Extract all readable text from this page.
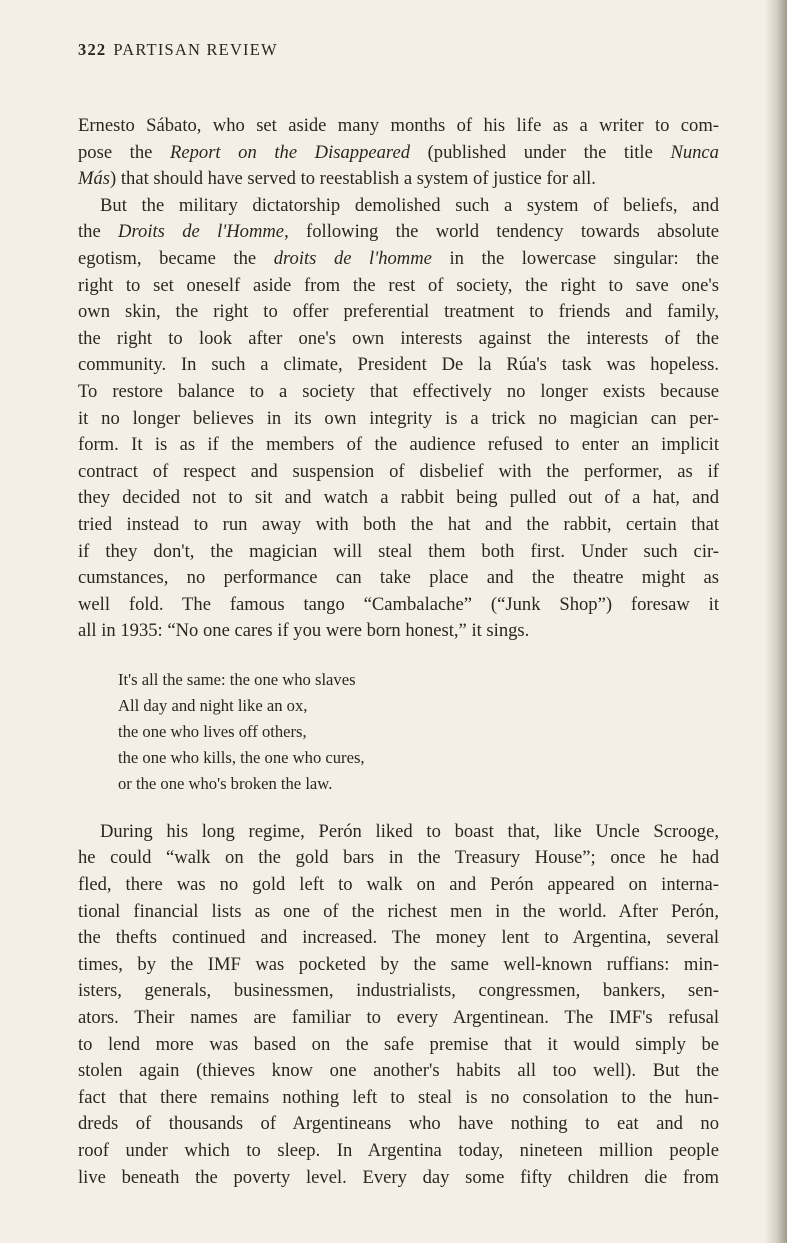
322 PARTISAN REVIEW

Ernesto Sábato, who set aside many months of his life as a writer to com-
pose the Report on the Disappeared (published under the title Nunca
Más) that should have served to reestablish a system of justice for all.

But the military dictatorship demolished such a system of beliefs, and
the Droits de l'Homme, following the world tendency towards absolute
egotism, became the droits de l'homme in the lowercase singular: the
right to set oneself aside from the rest of society, the right to save one's
own skin, the right to offer preferential treatment to friends and family,
the right to look after one's own interests against the interests of the
community. In such a climate, President De la Rúa's task was hopeless.
To restore balance to a society that effectively no longer exists because
it no longer believes in its own integrity is a trick no magician can per-
form. It is as if the members of the audience refused to enter an implicit
contract of respect and suspension of disbelief with the performer, as if
they decided not to sit and watch a rabbit being pulled out of a hat, and
tried instead to run away with both the hat and the rabbit, certain that
if they don't, the magician will steal them both first. Under such cir-
cumstances, no performance can take place and the theatre might as
well fold. The famous tango “Cambalache” (“Junk Shop”) foresaw it
all in 1935: “No one cares if you were born honest,” it sings.

It's all the same: the one who slaves
All day and night like an ox,
the one who lives off others,
the one who kills, the one who cures,
or the one who's broken the law.

During his long regime, Perón liked to boast that, like Uncle Scrooge,
he could “walk on the gold bars in the Treasury House”; once he had
fled, there was no gold left to walk on and Perón appeared on interna-
tional financial lists as one of the richest men in the world. After Perón,
the thefts continued and increased. The money lent to Argentina, several
times, by the IMF was pocketed by the same well-known ruffians: min-
isters, generals, businessmen, industrialists, congressmen, bankers, sen-
ators. Their names are familiar to every Argentinean. The IMF's refusal
to lend more was based on the safe premise that it would simply be
stolen again (thieves know one another's habits all too well). But the
fact that there remains nothing left to steal is no consolation to the hun-
dreds of thousands of Argentineans who have nothing to eat and no
roof under which to sleep. In Argentina today, nineteen million people
live beneath the poverty level. Every day some fifty children die from
